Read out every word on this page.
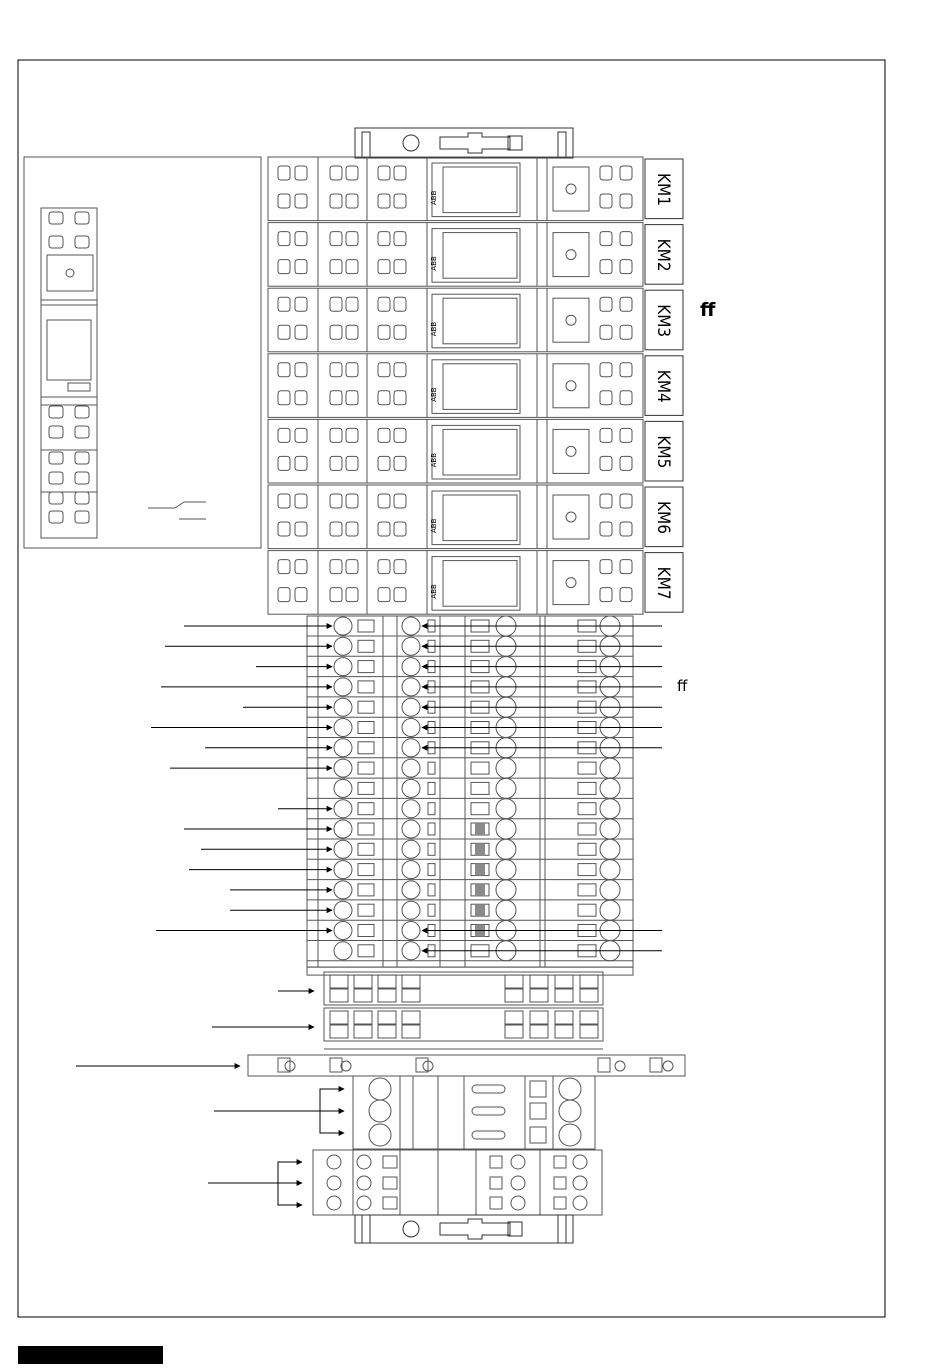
ABB	KM1
ABB	KM2
ABB	KM3
ABB	KM4
ABB	KM5
ABB	KM6
ABB	KM7
ﬀ
ﬀ
